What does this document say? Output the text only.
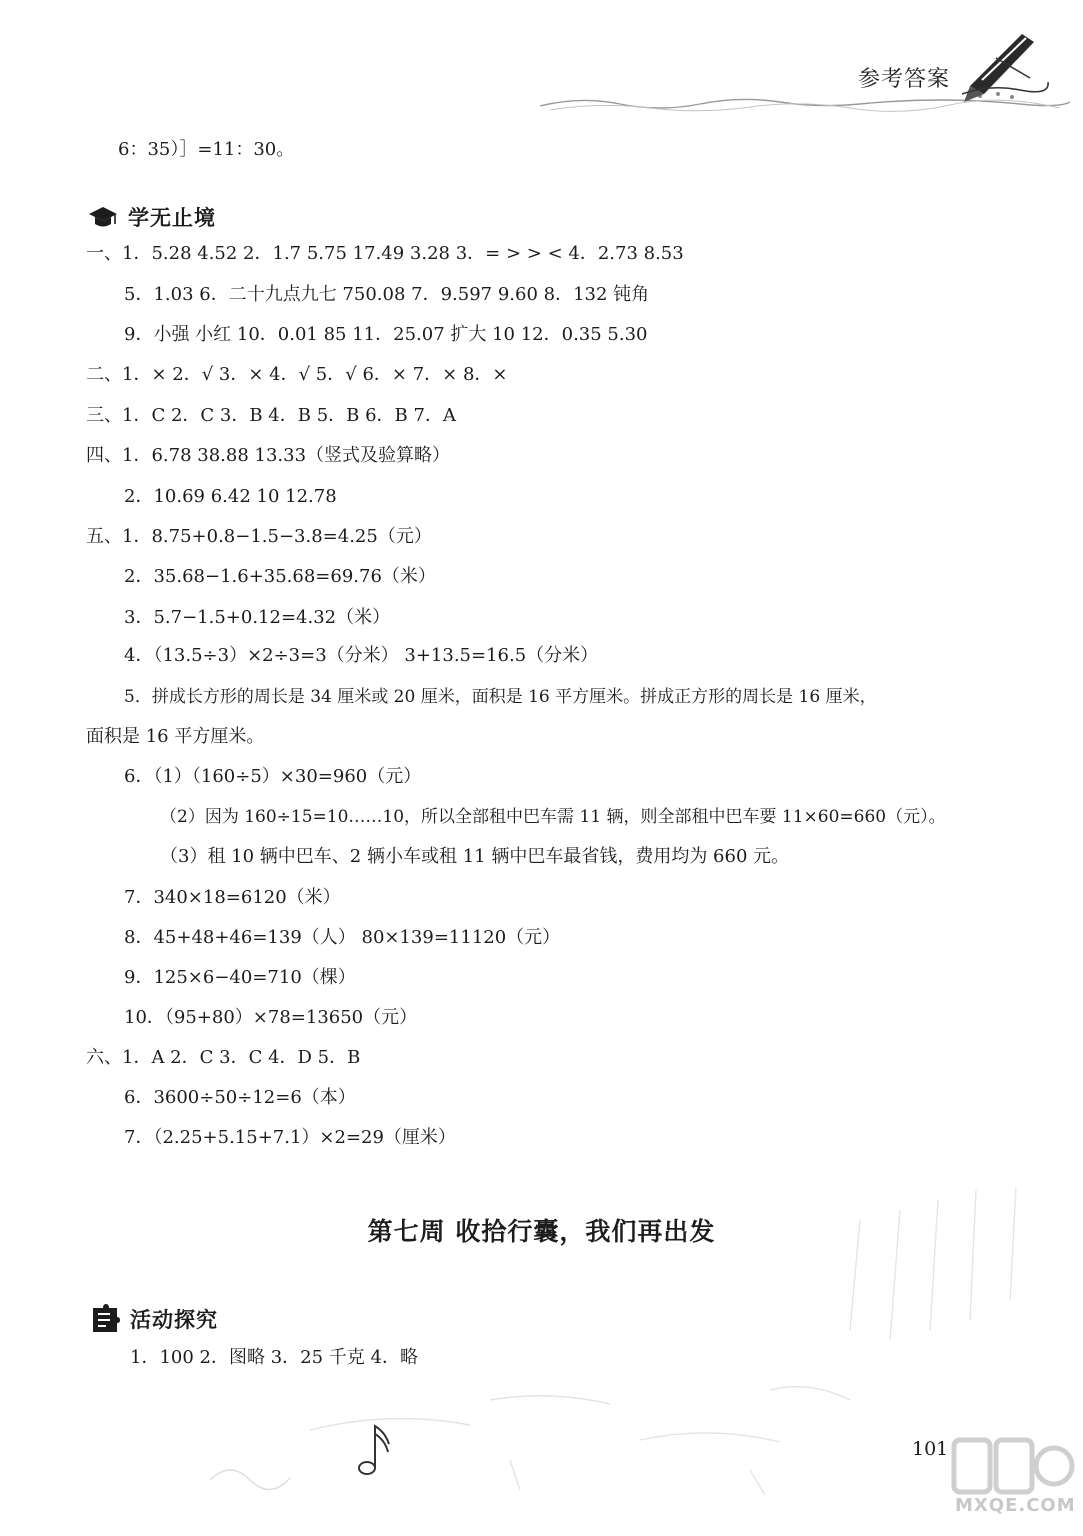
参考答案
6：35）］=11：30。
学无止境
一、1．5.28 4.52 2．1.7 5.75 17.49 3.28 3．= > > < 4．2.73 8.53
5．1.03 6．二十九点九七 750.08 7．9.597 9.60 8．132 钝角
9．小强 小红 10．0.01 85 11．25.07 扩大 10 12．0.35 5.30
二、1．× 2．√ 3．× 4．√ 5．√ 6．× 7．× 8．×
三、1．C 2．C 3．B 4．B 5．B 6．B 7．A
四、1．6.78 38.88 13.33（竖式及验算略）
2．10.69 6.42 10 12.78
五、1．8.75+0.8−1.5−3.8=4.25（元）
2．35.68−1.6+35.68=69.76（米）
3．5.7−1.5+0.12=4.32（米）
4．（13.5÷3）×2÷3=3（分米） 3+13.5=16.5（分米）
5．拼成长方形的周长是 34 厘米或 20 厘米，面积是 16 平方厘米。拼成正方形的周长是 16 厘米，
面积是 16 平方厘米。
6．（1）（160÷5）×30=960（元）
（2）因为 160÷15=10……10，所以全部租中巴车需 11 辆，则全部租中巴车要 11×60=660（元）。
（3）租 10 辆中巴车、2 辆小车或租 11 辆中巴车最省钱，费用均为 660 元。
7．340×18=6120（米）
8．45+48+46=139（人） 80×139=11120（元）
9．125×6−40=710（棵）
10．（95+80）×78=13650（元）
六、1．A 2．C 3．C 4．D 5．B
6．3600÷50÷12=6（本）
7．（2.25+5.15+7.1）×2=29（厘米）
第七周 收拾行囊，我们再出发
活动探究
1．100 2．图略 3．25 千克 4．略
101
MXQE.COM
